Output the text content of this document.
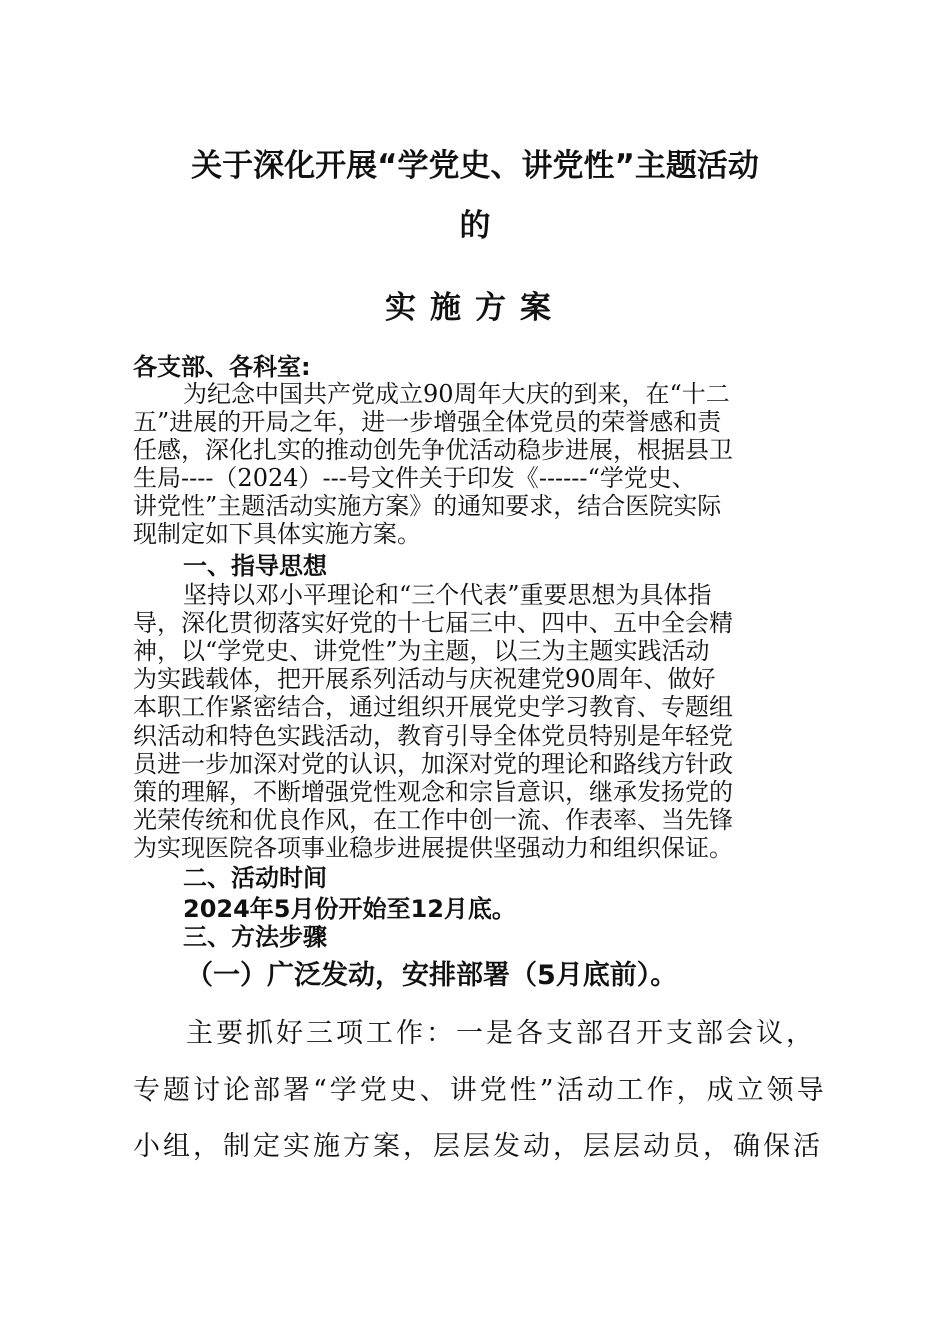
关于深化开展“学党史、讲党性”主题活动
的
实施方案
各支部、各科室:
为纪念中国共产党成立90周年大庆的到来，在“十二
五”进展的开局之年，进一步增强全体党员的荣誉感和责
任感，深化扎实的推动创先争优活动稳步进展，根据县卫
生局----（2024）---号文件关于印发《------“学党史、
讲党性”主题活动实施方案》的通知要求，结合医院实际
现制定如下具体实施方案。
一、指导思想
坚持以邓小平理论和“三个代表”重要思想为具体指
导，深化贯彻落实好党的十七届三中、四中、五中全会精
神，以“学党史、讲党性”为主题，以三为主题实践活动
为实践载体，把开展系列活动与庆祝建党90周年、做好
本职工作紧密结合，通过组织开展党史学习教育、专题组
织活动和特色实践活动，教育引导全体党员特别是年轻党
员进一步加深对党的认识，加深对党的理论和路线方针政
策的理解，不断增强党性观念和宗旨意识，继承发扬党的
光荣传统和优良作风，在工作中创一流、作表率、当先锋
为实现医院各项事业稳步进展提供坚强动力和组织保证。
二、活动时间
2024年5月份开始至12月底。
三、方法步骤
（一）广泛发动，安排部署（5月底前）。
主要抓好三项工作：一是各支部召开支部会议，
专题讨论部署“学党史、讲党性”活动工作，成立领导
小组，制定实施方案，层层发动，层层动员，确保活
